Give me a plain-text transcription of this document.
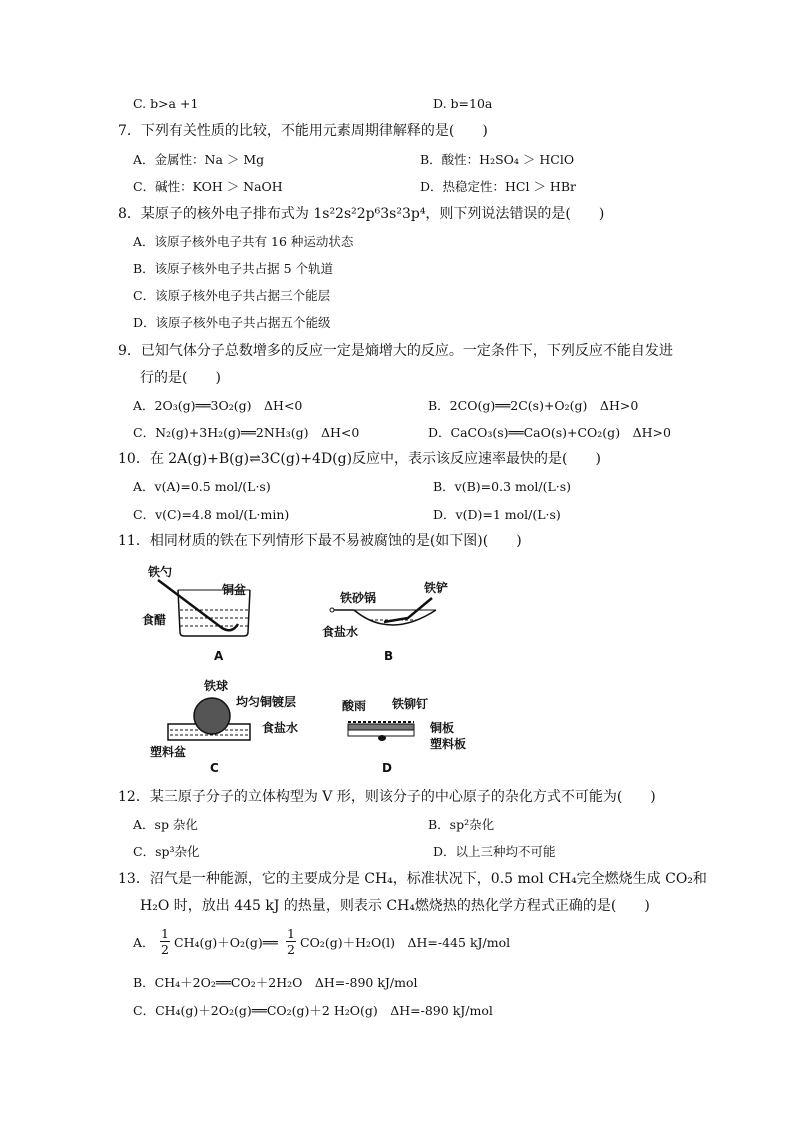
C. b>a +1	D. b=10a
7．下列有关性质的比较，不能用元素周期律解释的是(　　)
A．金属性：Na ＞ Mg	B．酸性：H₂SO₄ ＞ HClO
C．碱性：KOH ＞ NaOH	D．热稳定性：HCl ＞ HBr
8．某原子的核外电子排布式为 1s²2s²2p⁶3s²3p⁴，则下列说法错误的是(　　)
A．该原子核外电子共有 16 种运动状态
B．该原子核外电子共占据 5 个轨道
C．该原子核外电子共占据三个能层
D．该原子核外电子共占据五个能级
9．已知气体分子总数增多的反应一定是熵增大的反应。一定条件下，下列反应不能自发进
行的是(　　)
A．2O₃(g)══3O₂(g)　ΔH<0	B．2CO(g)══2C(s)+O₂(g)　ΔH>0
C．N₂(g)+3H₂(g)══2NH₃(g)　ΔH<0	D．CaCO₃(s)══CaO(s)+CO₂(g)　ΔH>0
10．在 2A(g)+B(g)⇌3C(g)+4D(g)反应中，表示该反应速率最快的是(　　)
A．v(A)=0.5 mol/(L·s)	B．v(B)=0.3 mol/(L·s)
C．v(C)=4.8 mol/(L·min)	D．v(D)=1 mol/(L·s)
11．相同材质的铁在下列情形下最不易被腐蚀的是(如下图)(　　)
铁勺
铜盆
食醋
A
铁砂锅
铁铲
食盐水
B
铁球
均匀铜镀层
食盐水
塑料盆
C
酸雨 铁铆钉
铜板
塑料板
D
12．某三原子分子的立体构型为 V 形，则该分子的中心原子的杂化方式不可能为(　　)
A．sp 杂化	B．sp²杂化
C．sp³杂化	D．以上三种均不可能
13．沼气是一种能源，它的主要成分是 CH₄，标准状况下，0.5 mol CH₄完全燃烧生成 CO₂和
H₂O 时，放出 445 kJ 的热量，则表示 CH₄燃烧热的热化学方程式正确的是(　　)
A．
1
2 CH₄(g)＋O₂(g)══
1
2 CO₂(g)＋H₂O(l)　ΔH=-445 kJ/mol
B．CH₄＋2O₂══CO₂＋2H₂O　ΔH=-890 kJ/mol
C．CH₄(g)＋2O₂(g)══CO₂(g)＋2 H₂O(g)　ΔH=-890 kJ/mol
